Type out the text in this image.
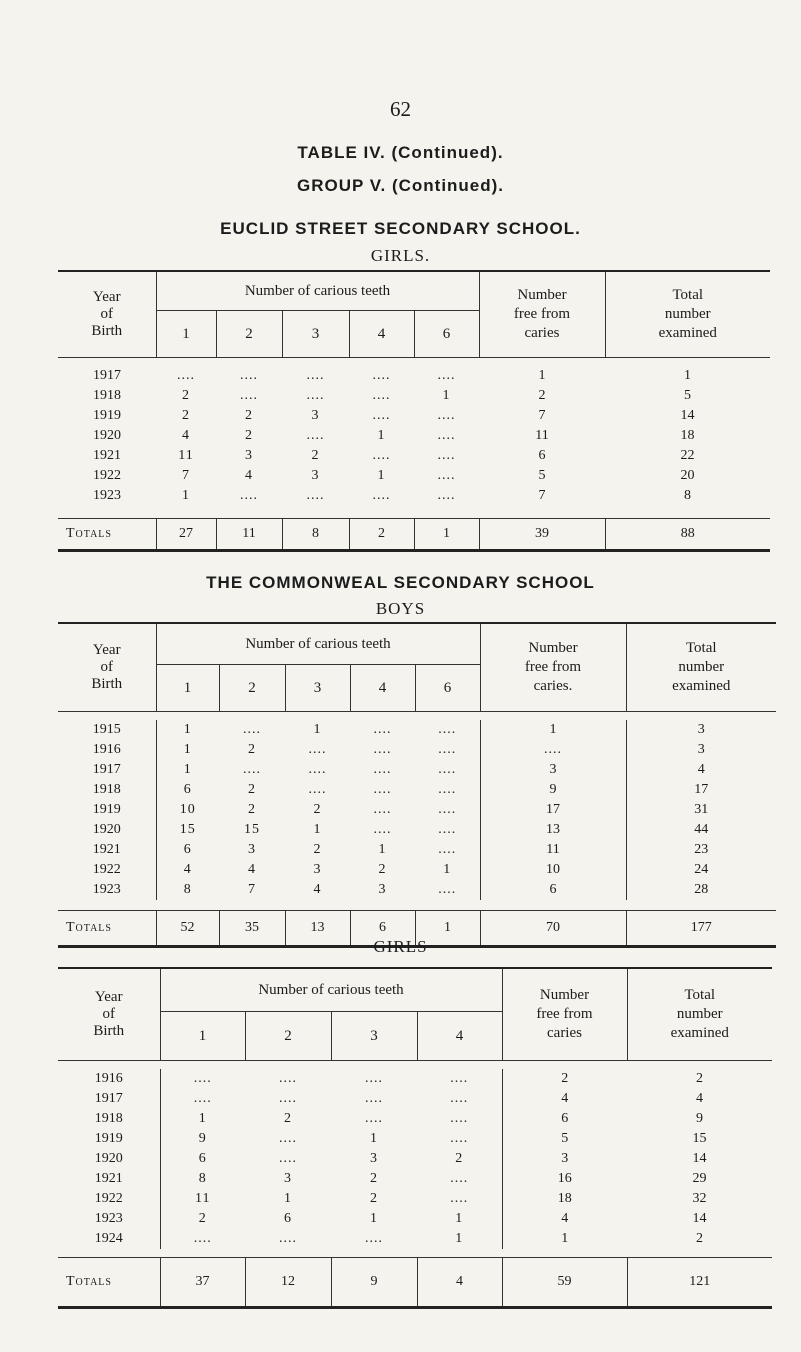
62
TABLE IV. (Continued).
GROUP V. (Continued).
EUCLID STREET SECONDARY SCHOOL.
GIRLS.
Year
of
Birth	Number of carious teeth					Number
free from
caries	Total
number
examined
	1	2	3	4	6		

1917	....	....	....	....	....	1	1
1918	2	....	....	....	1	2	5
1919	2	2	3	....	....	7	14
1920	4	2	....	1	....	11	18
1921	11	3	2	....	....	6	22
1922	7	4	3	1	....	5	20
1923	1	....	....	....	....	7	8

Totals	27	11	8	2	1	39	88
THE COMMONWEAL SECONDARY SCHOOL
BOYS
Year
of
Birth	Number of carious teeth					Number
free from
caries.	Total
number
examined
	1	2	3	4	6		

1915	1	....	1	....	....	1	3
1916	1	2	....	....	....	....	3
1917	1	....	....	....	....	3	4
1918	6	2	....	....	....	9	17
1919	10	2	2	....	....	17	31
1920	15	15	1	....	....	13	44
1921	6	3	2	1	....	11	23
1922	4	4	3	2	1	10	24
1923	8	7	4	3	....	6	28

Totals	52	35	13	6	1	70	177
GIRLS
Year
of
Birth	Number of carious teeth				Number
free from
caries	Total
number
examined
	1	2	3	4		

1916	....	....	....	....	2	2
1917	....	....	....	....	4	4
1918	1	2	....	....	6	9
1919	9	....	1	....	5	15
1920	6	....	3	2	3	14
1921	8	3	2	....	16	29
1922	11	1	2	....	18	32
1923	2	6	1	1	4	14
1924	....	....	....	1	1	2

Totals	37	12	9	4	59	121
